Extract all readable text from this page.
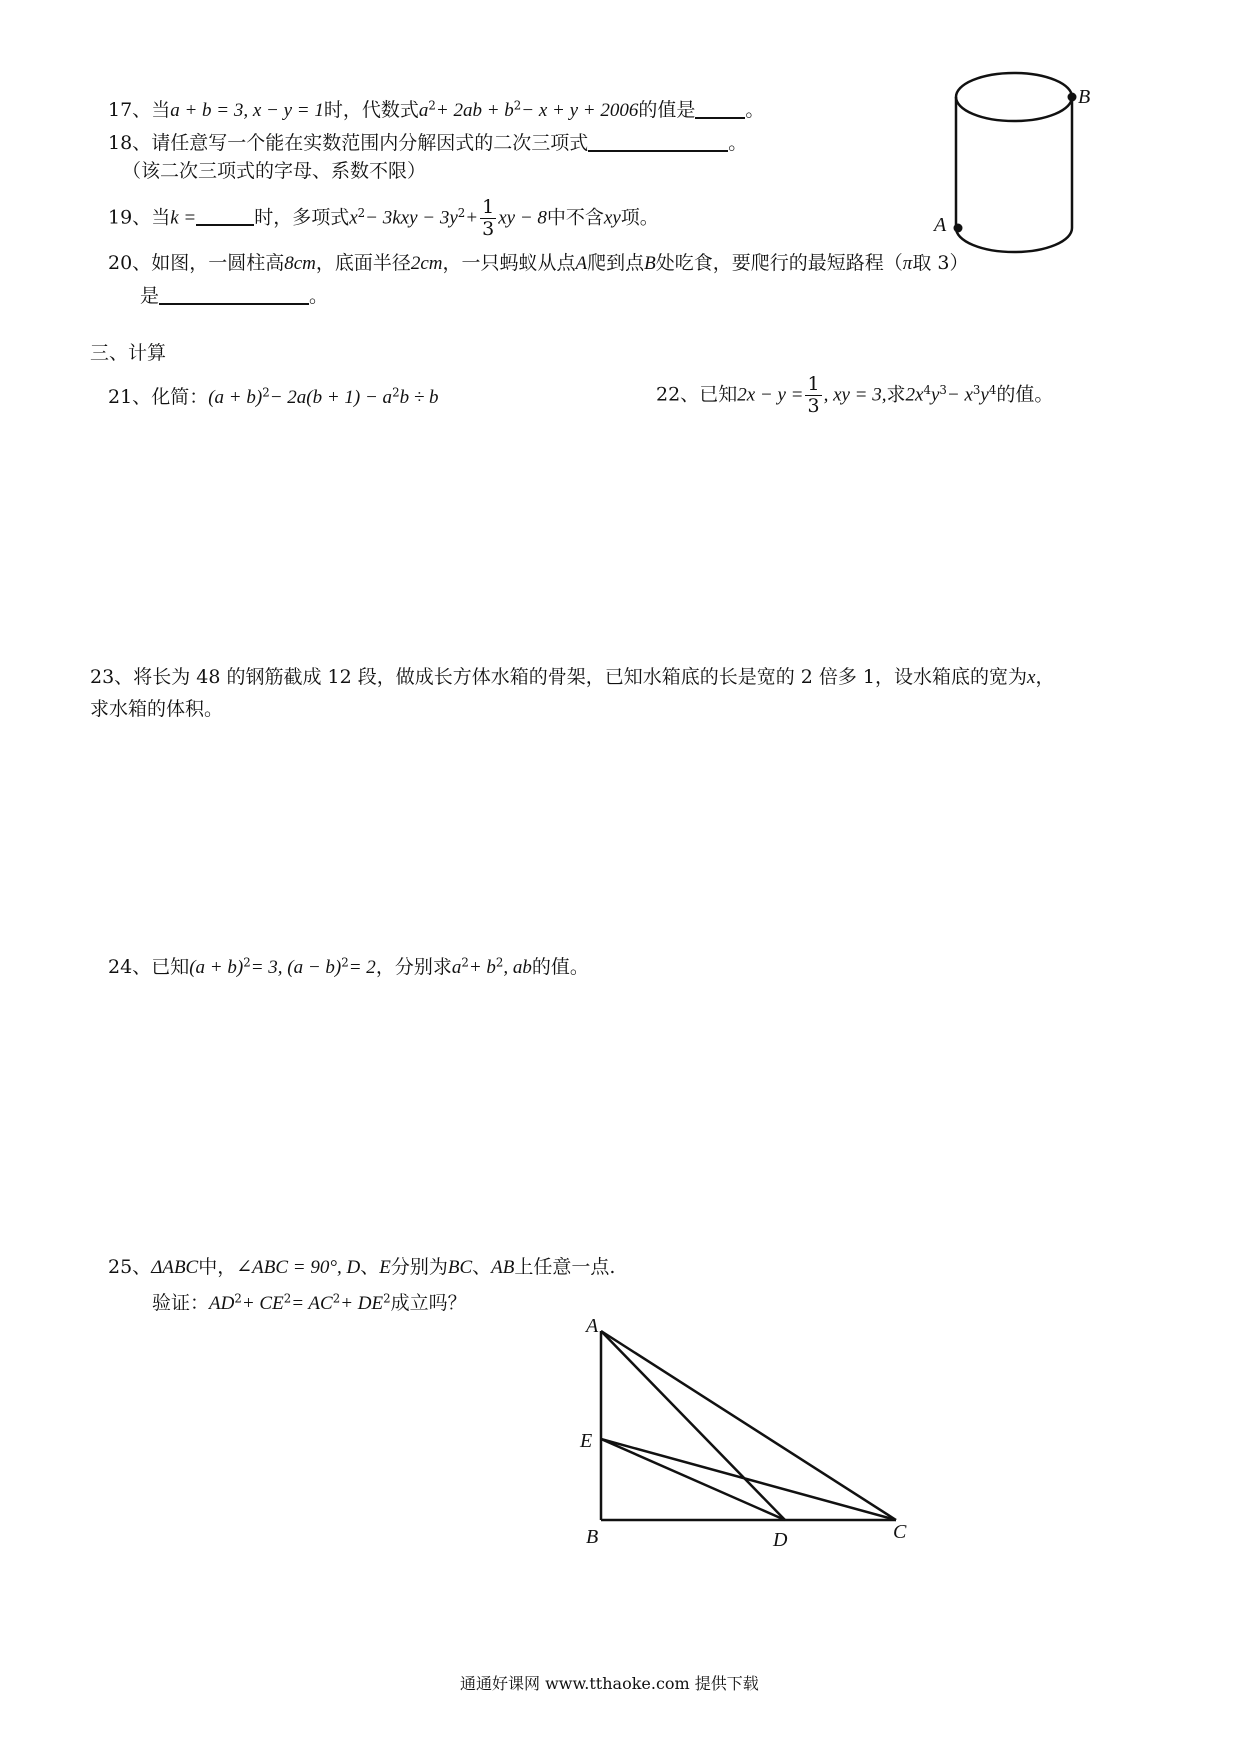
17、当a + b = 3, x − y = 1时，代数式$a^2+ 2ab + b^2- x + y + 2006$的值是	。
18、请任意写一个能在实数范围内分解因式的二次三项式	。
（该二次三项式的字母、系数不限）
19、当k =	时，多项式$x^2- 3kxy - 3y^2+ \frac{1}{3}$ xy − 8中不含xy项。
20、如图，一圆柱高8cm，底面半径2cm，一只蚂蚁从点A爬到点B处吃食，要爬行的最短路程（π取 3）
是	。
B
A
三、计算
21、化简：$(a + b)^2- 2a(b + 1) - a^2b \div b$	22、已知$2x - y = \frac{1}{3}$ , xy = 3,求$2x^4y^3- x^3y^4$的值。
23、将长为 48 的钢筋截成 12 段，做成长方体水箱的骨架，已知水箱底的长是宽的 2 倍多 1，设水箱底的宽为x，
求水箱的体积。
24、已知$(a + b)^2= 3$, $(a - b)^2= 2$，分别求$a^2+ b^2$, ab的值。
25、ΔABC中，∠ABC = 90°, D、E分别为BC、AB上任意一点.
验证：$AD^2+ CE^2= AC^2+ DE^2$成立吗？
A
E
B	D	C
通通好课网 www.tthaoke.com 提供下载
